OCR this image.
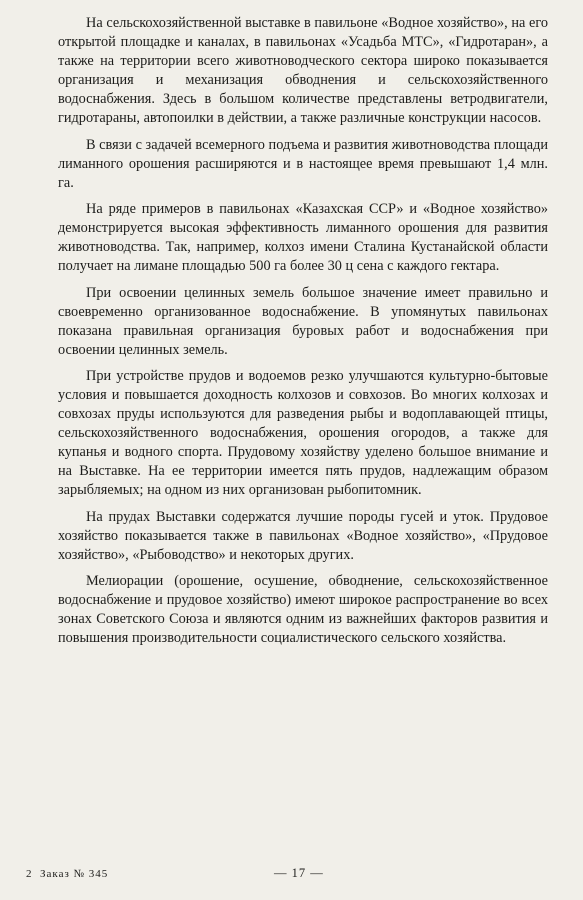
На сельскохозяйственной выставке в павильоне «Водное хозяйство», на его открытой площадке и каналах, в павильонах «Усадьба МТС», «Гидротаран», а также на территории всего животноводческого сектора широко показывается организация и механизация обводнения и сельскохозяйственного водоснабжения. Здесь в большом количестве представлены ветродвигатели, гидротараны, автопоилки в действии, а также различные конструкции насосов.

В связи с задачей всемерного подъема и развития животноводства площади лиманного орошения расширяются и в настоящее время превышают 1,4 млн. га.

На ряде примеров в павильонах «Казахская ССР» и «Водное хозяйство» демонстрируется высокая эффективность лиманного орошения для развития животноводства. Так, например, колхоз имени Сталина Кустанайской области получает на лимане площадью 500 га более 30 ц сена с каждого гектара.

При освоении целинных земель большое значение имеет правильно и своевременно организованное водоснабжение. В упомянутых павильонах показана правильная организация буровых работ и водоснабжения при освоении целинных земель.

При устройстве прудов и водоемов резко улучшаются культурно-бытовые условия и повышается доходность колхозов и совхозов. Во многих колхозах и совхозах пруды используются для разведения рыбы и водоплавающей птицы, сельскохозяйственного водоснабжения, орошения огородов, а также для купанья и водного спорта. Прудовому хозяйству уделено большое внимание и на Выставке. На ее территории имеется пять прудов, надлежащим образом зарыбляемых; на одном из них организован рыбопитомник.

На прудах Выставки содержатся лучшие породы гусей и уток. Прудовое хозяйство показывается также в павильонах «Водное хозяйство», «Прудовое хозяйство», «Рыбоводство» и некоторых других.

Мелиорации (орошение, осушение, обводнение, сельскохозяйственное водоснабжение и прудовое хозяйство) имеют широкое распространение во всех зонах Советского Союза и являются одним из важнейших факторов развития и повышения производительности социалистического сельского хозяйства.

2 Заказ № 345	— 17 —
